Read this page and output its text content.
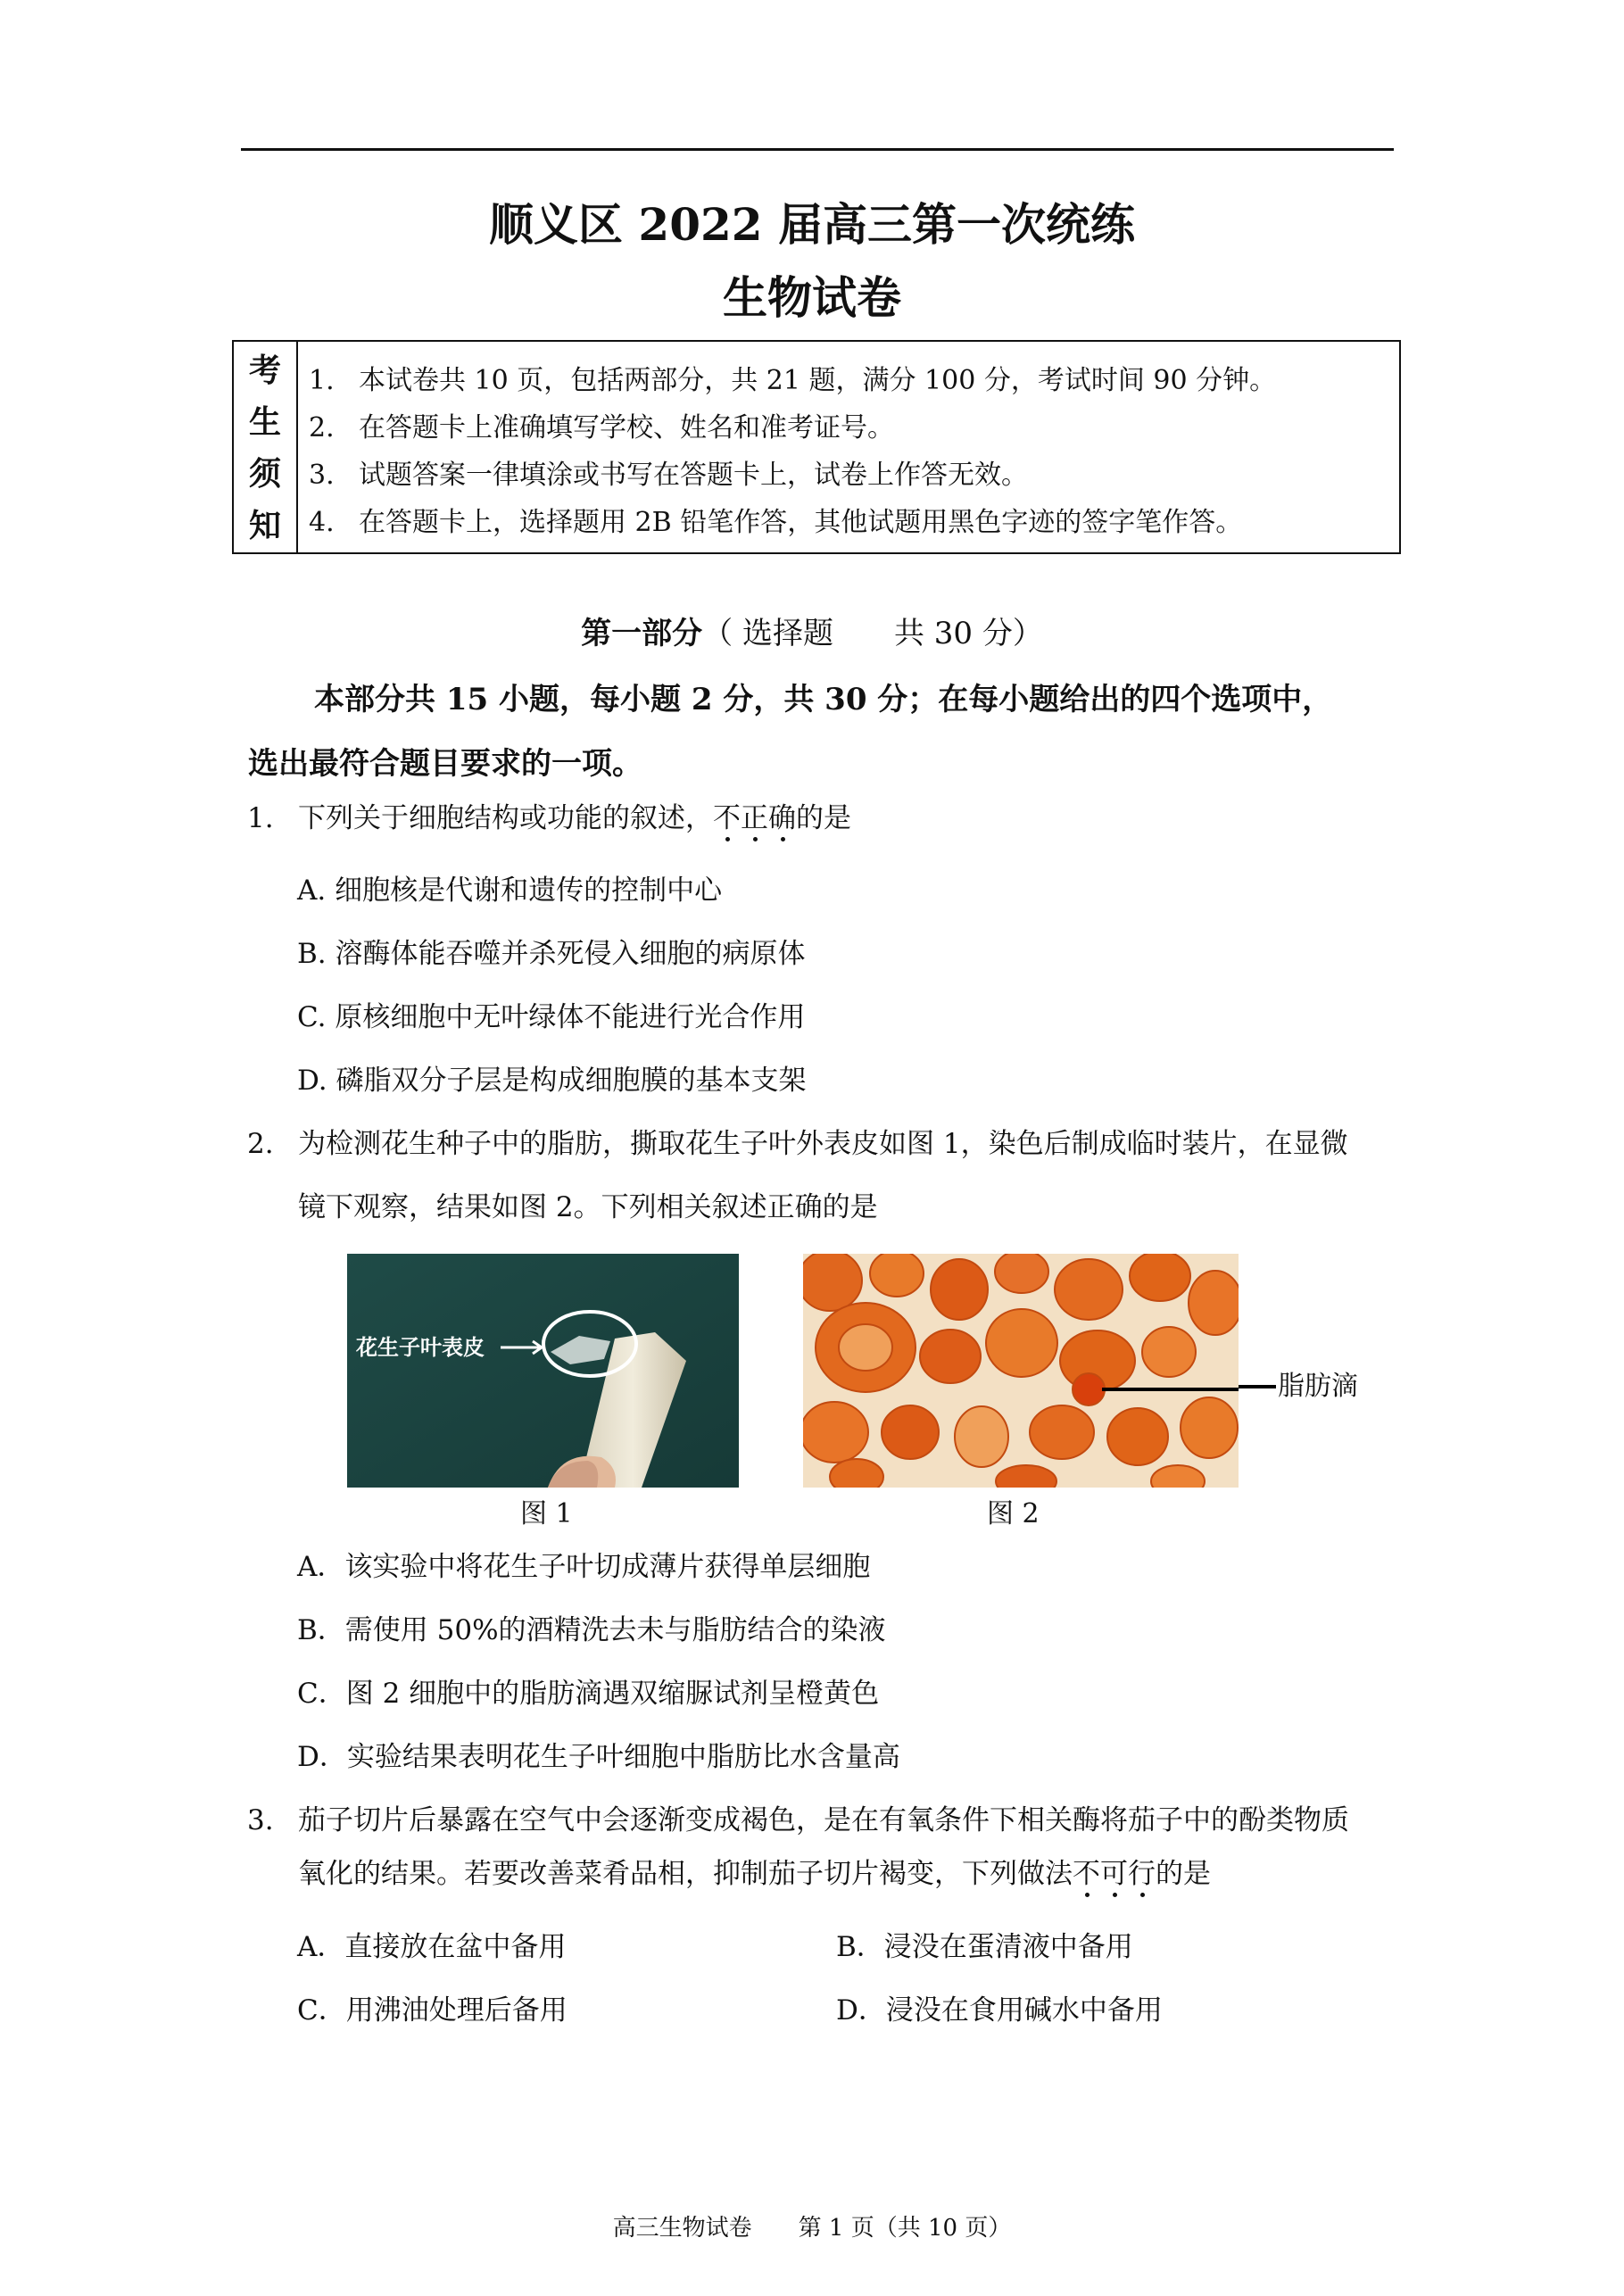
顺义区 2022 届高三第一次统练
生物试卷
考
生
须
知
1. 本试卷共 10 页，包括两部分，共 21 题，满分 100 分，考试时间 90 分钟。
2. 在答题卡上准确填写学校、姓名和准考证号。
3. 试题答案一律填涂或书写在答题卡上，试卷上作答无效。
4. 在答题卡上，选择题用 2B 铅笔作答，其他试题用黑色字迹的签字笔作答。
第一部分（ 选择题　　共 30 分）
本部分共 15 小题，每小题 2 分，共 30 分；在每小题给出的四个选项中，
选出最符合题目要求的一项。
1. 下列关于细胞结构或功能的叙述，不正确的是
A. 细胞核是代谢和遗传的控制中心
B. 溶酶体能吞噬并杀死侵入细胞的病原体
C. 原核细胞中无叶绿体不能进行光合作用
D. 磷脂双分子层是构成细胞膜的基本支架
2. 为检测花生种子中的脂肪，撕取花生子叶外表皮如图 1，染色后制成临时装片，在显微
镜下观察，结果如图 2。下列相关叙述正确的是
花生子叶表皮
图 1
脂肪滴
图 2
A．该实验中将花生子叶切成薄片获得单层细胞
B．需使用 50%的酒精洗去未与脂肪结合的染液
C．图 2 细胞中的脂肪滴遇双缩脲试剂呈橙黄色
D．实验结果表明花生子叶细胞中脂肪比水含量高
3. 茄子切片后暴露在空气中会逐渐变成褐色，是在有氧条件下相关酶将茄子中的酚类物质
氧化的结果。若要改善菜肴品相，抑制茄子切片褐变，下列做法不可行的是
A．直接放在盆中备用	B．浸没在蛋清液中备用
C．用沸油处理后备用	D．浸没在食用碱水中备用
高三生物试卷　　第 1 页（共 10 页）
